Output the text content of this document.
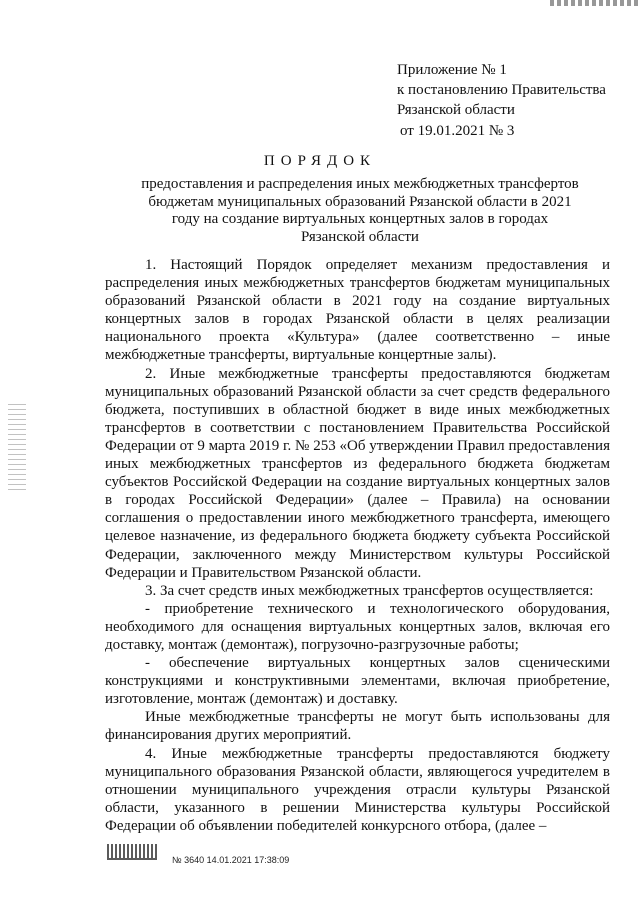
Приложение № 1
к постановлению Правительства
Рязанской области
от 19.01.2021 № 3
ПОРЯДОК
предоставления и распределения иных межбюджетных трансфертов бюджетам муниципальных образований Рязанской области в 2021 году на создание виртуальных концертных залов в городах Рязанской области

1. Настоящий Порядок определяет механизм предоставления и распределения иных межбюджетных трансфертов бюджетам муниципальных образований Рязанской области в 2021 году на создание виртуальных концертных залов в городах Рязанской области в целях реализации национального проекта «Культура» (далее соответственно – иные межбюджетные трансферты, виртуальные концертные залы).

2. Иные межбюджетные трансферты предоставляются бюджетам муниципальных образований Рязанской области за счет средств федерального бюджета, поступивших в областной бюджет в виде иных межбюджетных трансфертов в соответствии с постановлением Правительства Российской Федерации от 9 марта 2019 г. № 253 «Об утверждении Правил предоставления иных межбюджетных трансфертов из федерального бюджета бюджетам субъектов Российской Федерации на создание виртуальных концертных залов в городах Российской Федерации» (далее – Правила) на основании соглашения о предоставлении иного межбюджетного трансферта, имеющего целевое назначение, из федерального бюджета бюджету субъекта Российской Федерации, заключенного между Министерством культуры Российской Федерации и Правительством Рязанской области.

3. За счет средств иных межбюджетных трансфертов осуществляется:

- приобретение технического и технологического оборудования, необходимого для оснащения виртуальных концертных залов, включая его доставку, монтаж (демонтаж), погрузочно-разгрузочные работы;

- обеспечение виртуальных концертных залов сценическими конструкциями и конструктивными элементами, включая приобретение, изготовление, монтаж (демонтаж) и доставку.

Иные межбюджетные трансферты не могут быть использованы для финансирования других мероприятий.

4. Иные межбюджетные трансферты предоставляются бюджету муниципального образования Рязанской области, являющегося учредителем в отношении муниципального учреждения отрасли культуры Рязанской области, указанного в решении Министерства культуры Российской Федерации об объявлении победителей конкурсного отбора, (далее –

№ 3640 14.01.2021 17:38:09
